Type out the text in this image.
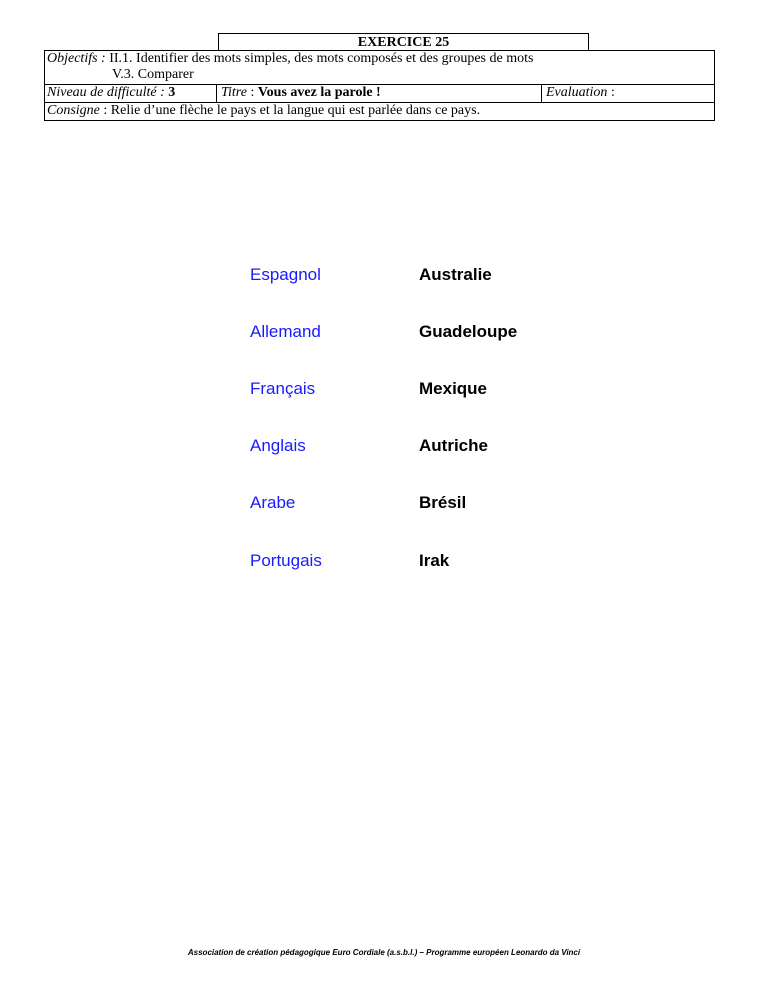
EXERCICE 25
Objectifs : II.1. Identifier des mots simples, des mots composés et des groupes de mots
V.3. Comparer
Niveau de difficulté : 3	Titre : Vous avez la parole !	Evaluation :
Consigne : Relie d’une flèche le pays et la langue qui est parlée dans ce pays.
Espagnol	Australie
Allemand	Guadeloupe
Français	Mexique
Anglais	Autriche
Arabe	Brésil
Portugais	Irak
Association de création pédagogique Euro Cordiale (a.s.b.l.) – Programme européen Leonardo da Vinci
